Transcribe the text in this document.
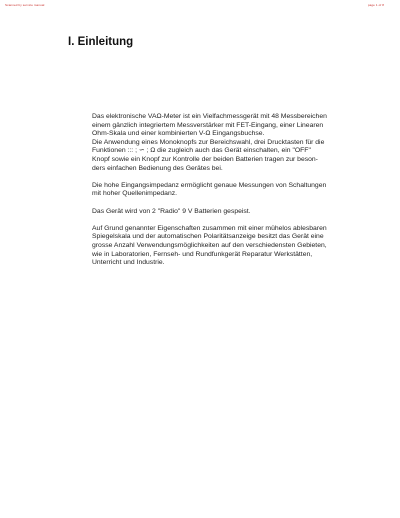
Scanned by service manual	page 1 of 8
I. Einleitung

Das elektronische VAΩ-Meter ist ein Vielfachmessgerät mit 48 Messbereichen
einem gänzlich integriertem Messverstärker mit FET-Eingang, einer Linearen
Ohm-Skala und einer kombinierten V-Ω Eingangsbuchse.
Die Anwendung eines Monoknopfs zur Bereichswahl, drei Drucktasten für die
Funktionen ::: ; ∽ ; Ω die zugleich auch das Gerät einschalten, ein "OFF"
Knopf sowie ein Knopf zur Kontrolle der beiden Batterien tragen zur beson-
ders einfachen Bedienung des Gerätes bei.

Die hohe Eingangsimpedanz ermöglicht genaue Messungen von Schaltungen
mit hoher Quellenimpedanz.

Das Gerät wird von 2 "Radio" 9 V Batterien gespeist.

Auf Grund genannter Eigenschaften zusammen mit einer mühelos ablesbaren
Spiegelskala und der automatischen Polaritätsanzeige besitzt das Gerät eine
grosse Anzahl Verwendungsmöglichkeiten auf den verschiedensten Gebieten,
wie in Laboratorien, Fernseh- und Rundfunkgerät Reparatur Werkstätten,
Unterricht und Industrie.
